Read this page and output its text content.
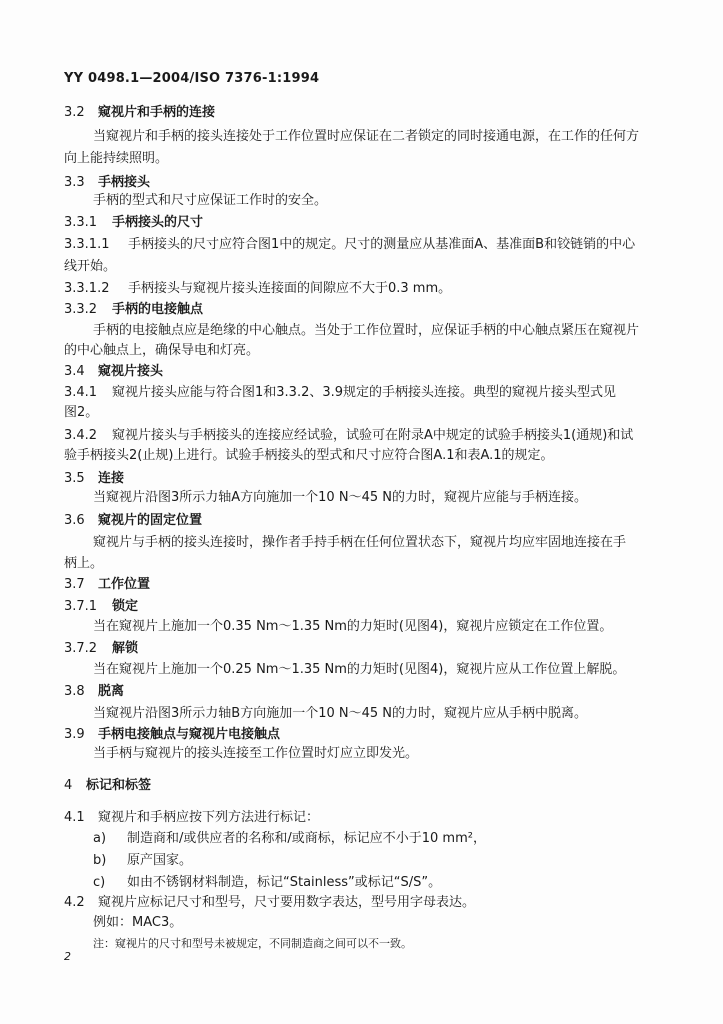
YY 0498.1—2004/ISO 7376-1:1994
3.2 窥视片和手柄的连接
当窥视片和手柄的接头连接处于工作位置时应保证在二者锁定的同时接通电源，在工作的任何方
向上能持续照明。
3.3 手柄接头
手柄的型式和尺寸应保证工作时的安全。
3.3.1 手柄接头的尺寸
3.3.1.1 手柄接头的尺寸应符合图1中的规定。尺寸的测量应从基准面A、基准面B和铰链销的中心
线开始。
3.3.1.2 手柄接头与窥视片接头连接面的间隙应不大于0.3 mm。
3.3.2 手柄的电接触点
手柄的电接触点应是绝缘的中心触点。当处于工作位置时，应保证手柄的中心触点紧压在窥视片
的中心触点上，确保导电和灯亮。
3.4 窥视片接头
3.4.1 窥视片接头应能与符合图1和3.3.2、3.9规定的手柄接头连接。典型的窥视片接头型式见
图2。
3.4.2 窥视片接头与手柄接头的连接应经试验，试验可在附录A中规定的试验手柄接头1(通规)和试
验手柄接头2(止规)上进行。试验手柄接头的型式和尺寸应符合图A.1和表A.1的规定。
3.5 连接
当窥视片沿图3所示力轴A方向施加一个10 N～45 N的力时，窥视片应能与手柄连接。
3.6 窥视片的固定位置
窥视片与手柄的接头连接时，操作者手持手柄在任何位置状态下，窥视片均应牢固地连接在手
柄上。
3.7 工作位置
3.7.1 锁定
当在窥视片上施加一个0.35 Nm～1.35 Nm的力矩时(见图4)，窥视片应锁定在工作位置。
3.7.2 解锁
当在窥视片上施加一个0.25 Nm～1.35 Nm的力矩时(见图4)，窥视片应从工作位置上解脱。
3.8 脱离
当窥视片沿图3所示力轴B方向施加一个10 N～45 N的力时，窥视片应从手柄中脱离。
3.9 手柄电接触点与窥视片电接触点
当手柄与窥视片的接头连接至工作位置时灯应立即发光。
4 标记和标签
4.1 窥视片和手柄应按下列方法进行标记：
a) 制造商和/或供应者的名称和/或商标，标记应不小于10 mm²，
b) 原产国家。
c) 如由不锈钢材料制造，标记“Stainless”或标记“S/S”。
4.2 窥视片应标记尺寸和型号，尺寸要用数字表达，型号用字母表达。
例如：MAC3。
注：窥视片的尺寸和型号未被规定，不同制造商之间可以不一致。
2
